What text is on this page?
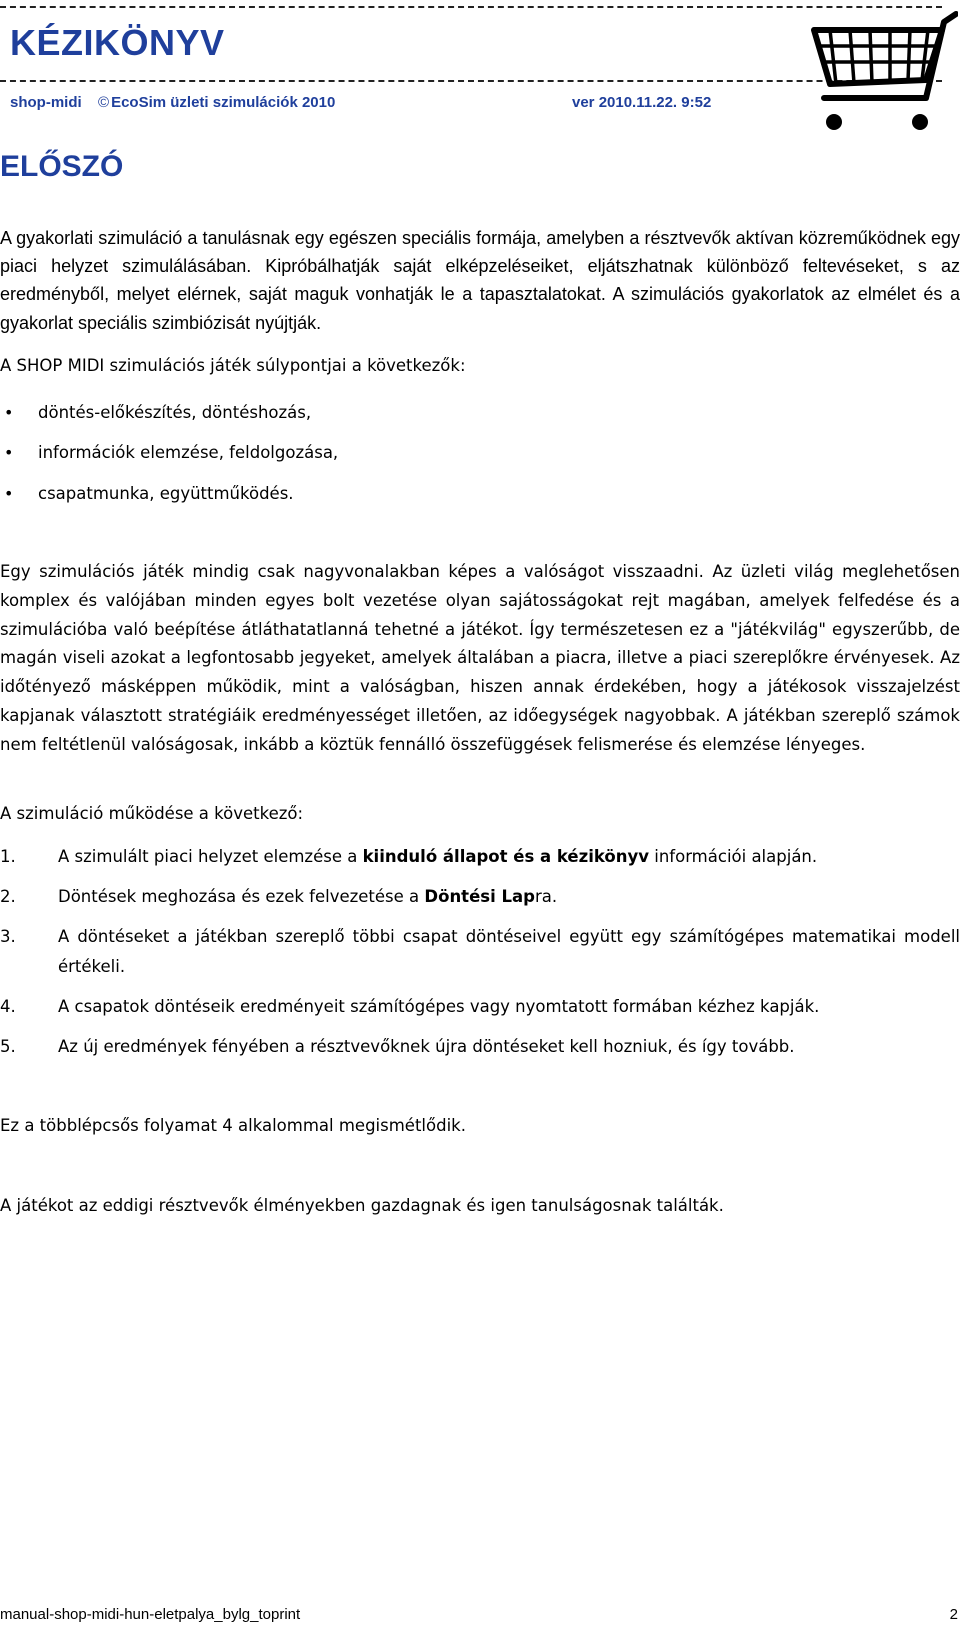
KÉZIKÖNYV
shop-midi	© EcoSim üzleti szimulációk 2010	ver 2010.11.22. 9:52
ELŐSZÓ

A gyakorlati szimuláció a tanulásnak egy egészen speciális formája, amelyben a résztvevők aktívan közreműködnek egy piaci helyzet szimulálásában. Kipróbálhatják saját elképzeléseiket, eljátszhatnak különböző feltevéseket, s az eredményből, melyet elérnek, saját maguk vonhatják le a tapasztalatokat. A szimulációs gyakorlatok az elmélet és a gyakorlat speciális szimbiózisát nyújtják.

A SHOP MIDI szimulációs játék súlypontjai a következők:

• döntés-előkészítés, döntéshozás,
• információk elemzése, feldolgozása,
• csapatmunka, együttműködés.

Egy szimulációs játék mindig csak nagyvonalakban képes a valóságot visszaadni. Az üzleti világ meglehetősen komplex és valójában minden egyes bolt vezetése olyan sajátosságokat rejt magában, amelyek felfedése és a szimulációba való beépítése átláthatatlanná tehetné a játékot. Így természetesen ez a "játékvilág" egyszerűbb, de magán viseli azokat a legfontosabb jegyeket, amelyek általában a piacra, illetve a piaci szereplőkre érvényesek. Az időtényező másképpen működik, mint a valóságban, hiszen annak érdekében, hogy a játékosok visszajelzést kapjanak választott stratégiáik eredményességet illetően, az időegységek nagyobbak. A játékban szereplő számok nem feltétlenül valóságosak, inkább a köztük fennálló összefüggések felismerése és elemzése lényeges.

A szimuláció működése a következő:

1.	A szimulált piaci helyzet elemzése a kiinduló állapot és a kézikönyv információi alapján.
2.	Döntések meghozása és ezek felvezetése a Döntési Lapra.
3.	A döntéseket a játékban szereplő többi csapat döntéseivel együtt egy számítógépes matematikai modell értékeli.
4.	A csapatok döntéseik eredményeit számítógépes vagy nyomtatott formában kézhez kapják.
5.	Az új eredmények fényében a résztvevőknek újra döntéseket kell hozniuk, és így tovább.

Ez a többlépcsős folyamat 4 alkalommal megismétlődik.

A játékot az eddigi résztvevők élményekben gazdagnak és igen tanulságosnak találták.

manual-shop-midi-hun-eletpalya_bylg_toprint	2
